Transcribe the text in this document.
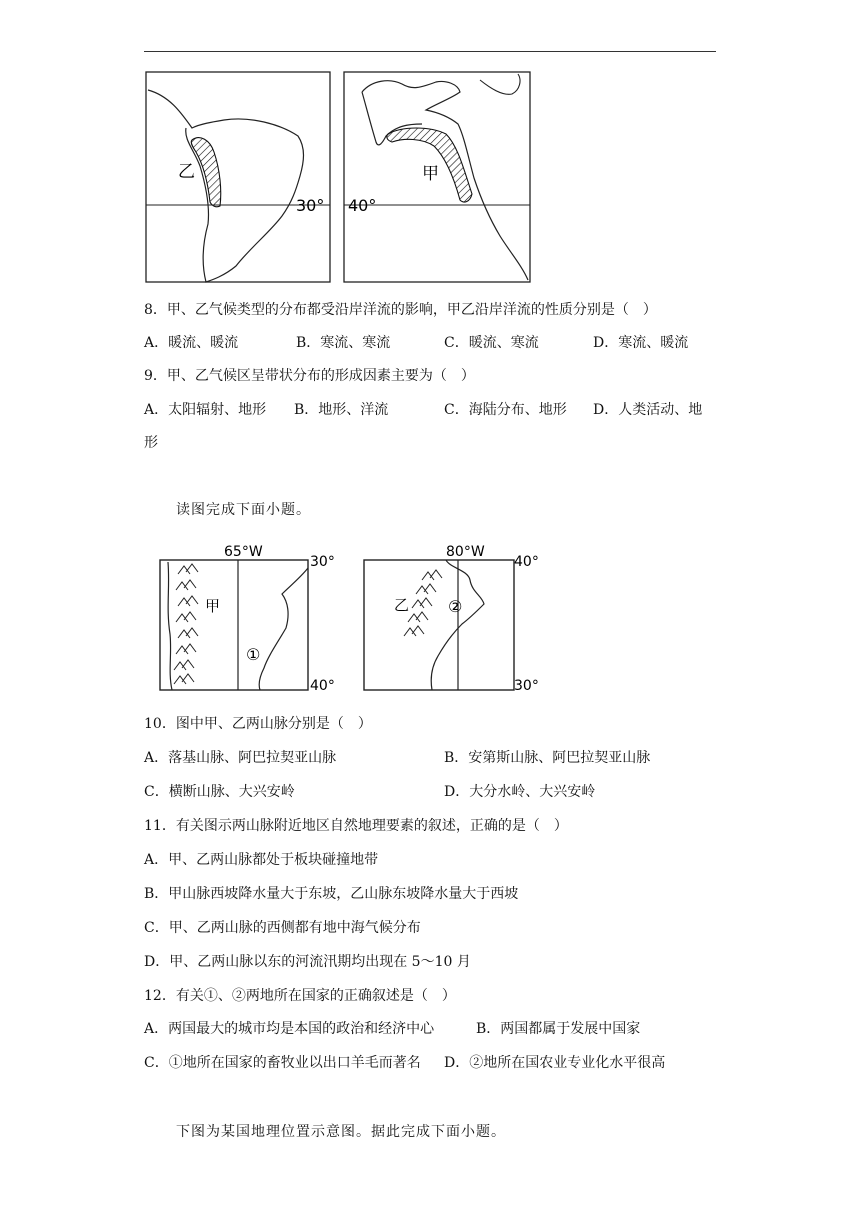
乙
30°
甲
40°
8．甲、乙气候类型的分布都受沿岸洋流的影响，甲乙沿岸洋流的性质分别是（　）
A．暖流、暖流	B．寒流、寒流	C．暖流、寒流	D．寒流、暖流
9．甲、乙气候区呈带状分布的形成因素主要为（　）
A．太阳辐射、地形 B．地形、洋流	C．海陆分布、地形 D．人类活动、地
形
读图完成下面小题。
65°W
30°
40°
甲
①
80°W
40°
30°
乙 ②
10．图中甲、乙两山脉分别是（　）
A．落基山脉、阿巴拉契亚山脉	B．安第斯山脉、阿巴拉契亚山脉
C．横断山脉、大兴安岭	D．大分水岭、大兴安岭
11．有关图示两山脉附近地区自然地理要素的叙述，正确的是（　）
A．甲、乙两山脉都处于板块碰撞地带
B．甲山脉西坡降水量大于东坡，乙山脉东坡降水量大于西坡
C．甲、乙两山脉的西侧都有地中海气候分布
D．甲、乙两山脉以东的河流汛期均出现在 5～10 月
12．有关①、②两地所在国家的正确叙述是（　）
A．两国最大的城市均是本国的政治和经济中心	B．两国都属于发展中国家
C．①地所在国家的畜牧业以出口羊毛而著名 D．②地所在国农业专业化水平很高
下图为某国地理位置示意图。据此完成下面小题。
